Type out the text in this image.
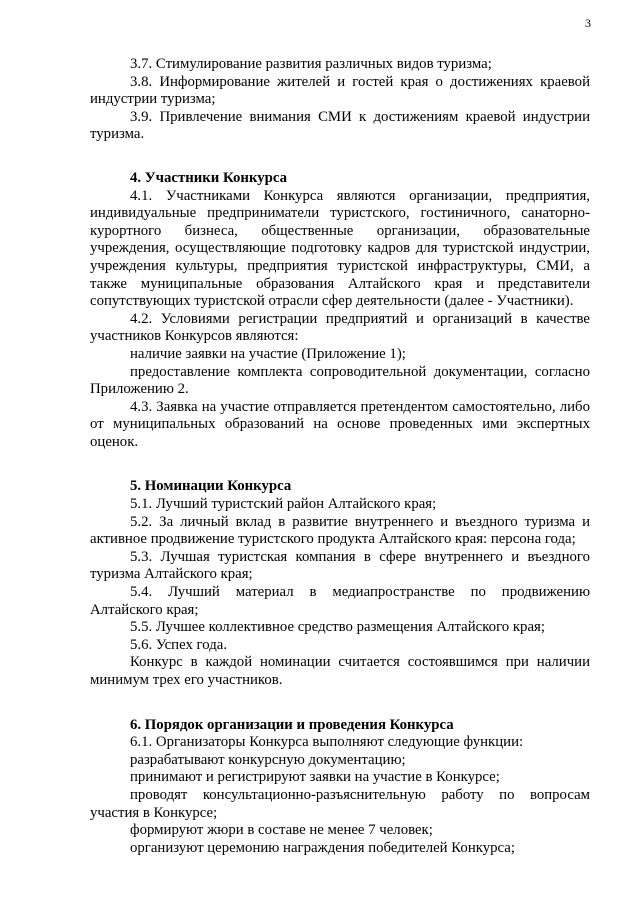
3

3.7. Стимулирование развития различных видов туризма;

3.8. Информирование жителей и гостей края о достижениях краевой индустрии туризма;

3.9. Привлечение внимания СМИ к достижениям краевой индустрии туризма.

4. Участники Конкурса

4.1. Участниками Конкурса являются организации, предприятия, индивидуальные предприниматели туристского, гостиничного, санаторно-курортного бизнеса, общественные организации, образовательные учреждения, осуществляющие подготовку кадров для туристской индустрии, учреждения культуры, предприятия туристской инфраструктуры, СМИ, а также муниципальные образования Алтайского края и представители сопутствующих туристской отрасли сфер деятельности (далее - Участники).

4.2. Условиями регистрации предприятий и организаций в качестве участников Конкурсов являются:

наличие заявки на участие (Приложение 1);

предоставление комплекта сопроводительной документации, согласно Приложению 2.

4.3. Заявка на участие отправляется претендентом самостоятельно, либо от муниципальных образований на основе проведенных ими экспертных оценок.

5. Номинации Конкурса

5.1. Лучший туристский район Алтайского края;

5.2. За личный вклад в развитие внутреннего и въездного туризма и активное продвижение туристского продукта Алтайского края: персона года;

5.3. Лучшая туристская компания в сфере внутреннего и въездного туризма Алтайского края;

5.4. Лучший материал в медиапространстве по продвижению Алтайского края;

5.5. Лучшее коллективное средство размещения Алтайского края;

5.6. Успех года.

Конкурс в каждой номинации считается состоявшимся при наличии минимум трех его участников.

6. Порядок организации и проведения Конкурса

6.1. Организаторы Конкурса выполняют следующие функции:

разрабатывают конкурсную документацию;

принимают и регистрируют заявки на участие в Конкурсе;

проводят консультационно-разъяснительную работу по вопросам участия в Конкурсе;

формируют жюри в составе не менее 7 человек;

организуют церемонию награждения победителей Конкурса;
